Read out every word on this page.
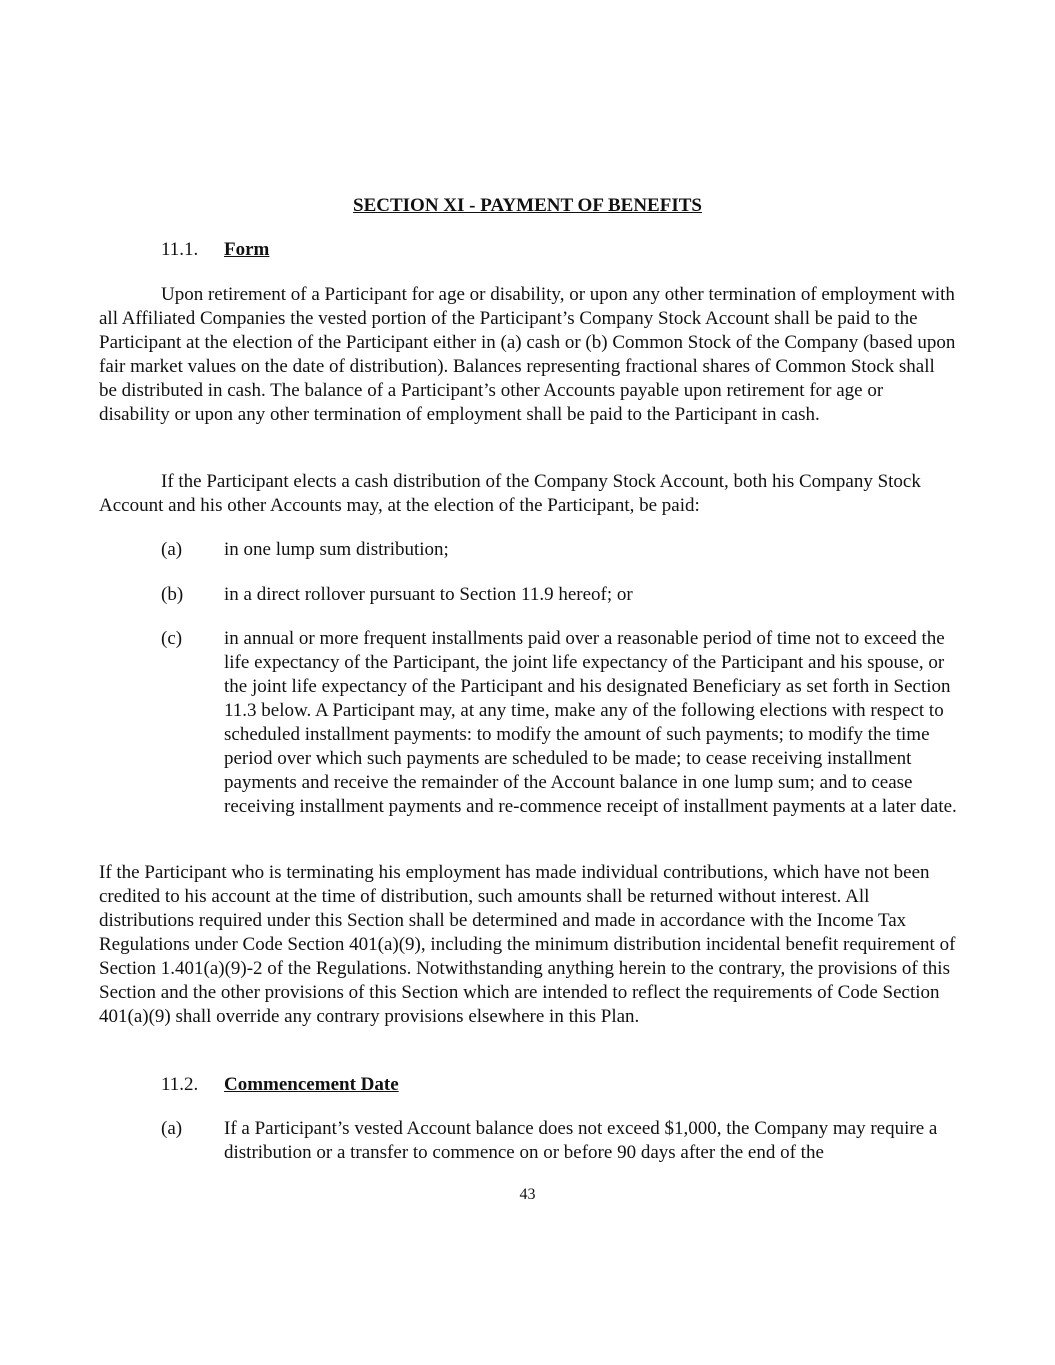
SECTION XI - PAYMENT OF BENEFITS
11.1. Form

Upon retirement of a Participant for age or disability, or upon any other termination of employment with all Affiliated Companies the vested portion of the Participant’s Company Stock Account shall be paid to the Participant at the election of the Participant either in (a) cash or (b) Common Stock of the Company (based upon fair market values on the date of distribution). Balances representing fractional shares of Common Stock shall be distributed in cash. The balance of a Participant’s other Accounts payable upon retirement for age or disability or upon any other termination of employment shall be paid to the Participant in cash.

If the Participant elects a cash distribution of the Company Stock Account, both his Company Stock Account and his other Accounts may, at the election of the Participant, be paid:

(a) in one lump sum distribution;
(b) in a direct rollover pursuant to Section 11.9 hereof; or
(c) in annual or more frequent installments paid over a reasonable period of time not to exceed the life expectancy of the Participant, the joint life expectancy of the Participant and his spouse, or the joint life expectancy of the Participant and his designated Beneficiary as set forth in Section 11.3 below. A Participant may, at any time, make any of the following elections with respect to scheduled installment payments: to modify the amount of such payments; to modify the time period over which such payments are scheduled to be made; to cease receiving installment payments and receive the remainder of the Account balance in one lump sum; and to cease receiving installment payments and re-commence receipt of installment payments at a later date.

If the Participant who is terminating his employment has made individual contributions, which have not been credited to his account at the time of distribution, such amounts shall be returned without interest. All distributions required under this Section shall be determined and made in accordance with the Income Tax Regulations under Code Section 401(a)(9), including the minimum distribution incidental benefit requirement of Section 1.401(a)(9)-2 of the Regulations. Notwithstanding anything herein to the contrary, the provisions of this Section and the other provisions of this Section which are intended to reflect the requirements of Code Section 401(a)(9) shall override any contrary provisions elsewhere in this Plan.

11.2. Commencement Date
(a) If a Participant’s vested Account balance does not exceed $1,000, the Company may require a distribution or a transfer to commence on or before 90 days after the end of the
43
